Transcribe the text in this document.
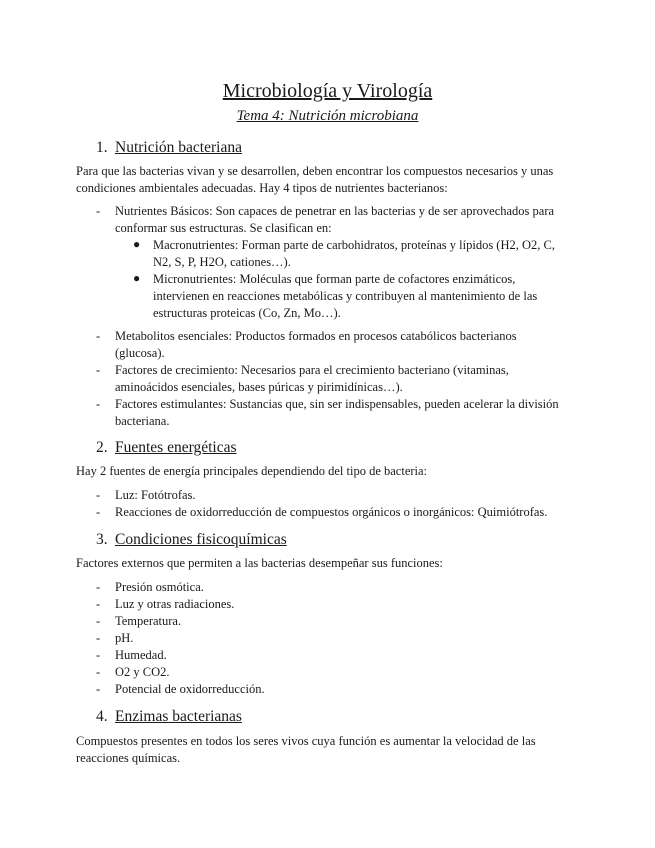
Microbiología y Virología
Tema 4: Nutrición microbiana
1. Nutrición bacteriana
Para que las bacterias vivan y se desarrollen, deben encontrar los compuestos necesarios y unas
condiciones ambientales adecuadas. Hay 4 tipos de nutrientes bacterianos:
- Nutrientes Básicos: Son capaces de penetrar en las bacterias y de ser aprovechados para
conformar sus estructuras. Se clasifican en:
● Macronutrientes: Forman parte de carbohidratos, proteínas y lípidos (H2, O2, C,
N2, S, P, H2O, cationes…).
● Micronutrientes: Moléculas que forman parte de cofactores enzimáticos,
intervienen en reacciones metabólicas y contribuyen al mantenimiento de las
estructuras proteicas (Co, Zn, Mo…).
- Metabolitos esenciales: Productos formados en procesos catabólicos bacterianos
(glucosa).
- Factores de crecimiento: Necesarios para el crecimiento bacteriano (vitaminas,
aminoácidos esenciales, bases púricas y pirimidínicas…).
- Factores estimulantes: Sustancias que, sin ser indispensables, pueden acelerar la división
bacteriana.
2. Fuentes energéticas
Hay 2 fuentes de energía principales dependiendo del tipo de bacteria:
- Luz: Fotótrofas.
- Reacciones de oxidorreducción de compuestos orgánicos o inorgánicos: Quimiótrofas.
3. Condiciones fisicoquímicas
Factores externos que permiten a las bacterias desempeñar sus funciones:
- Presión osmótica.
- Luz y otras radiaciones.
- Temperatura.
- pH.
- Humedad.
- O2 y CO2.
- Potencial de oxidorreducción.
4. Enzimas bacterianas
Compuestos presentes en todos los seres vivos cuya función es aumentar la velocidad de las
reacciones químicas.
